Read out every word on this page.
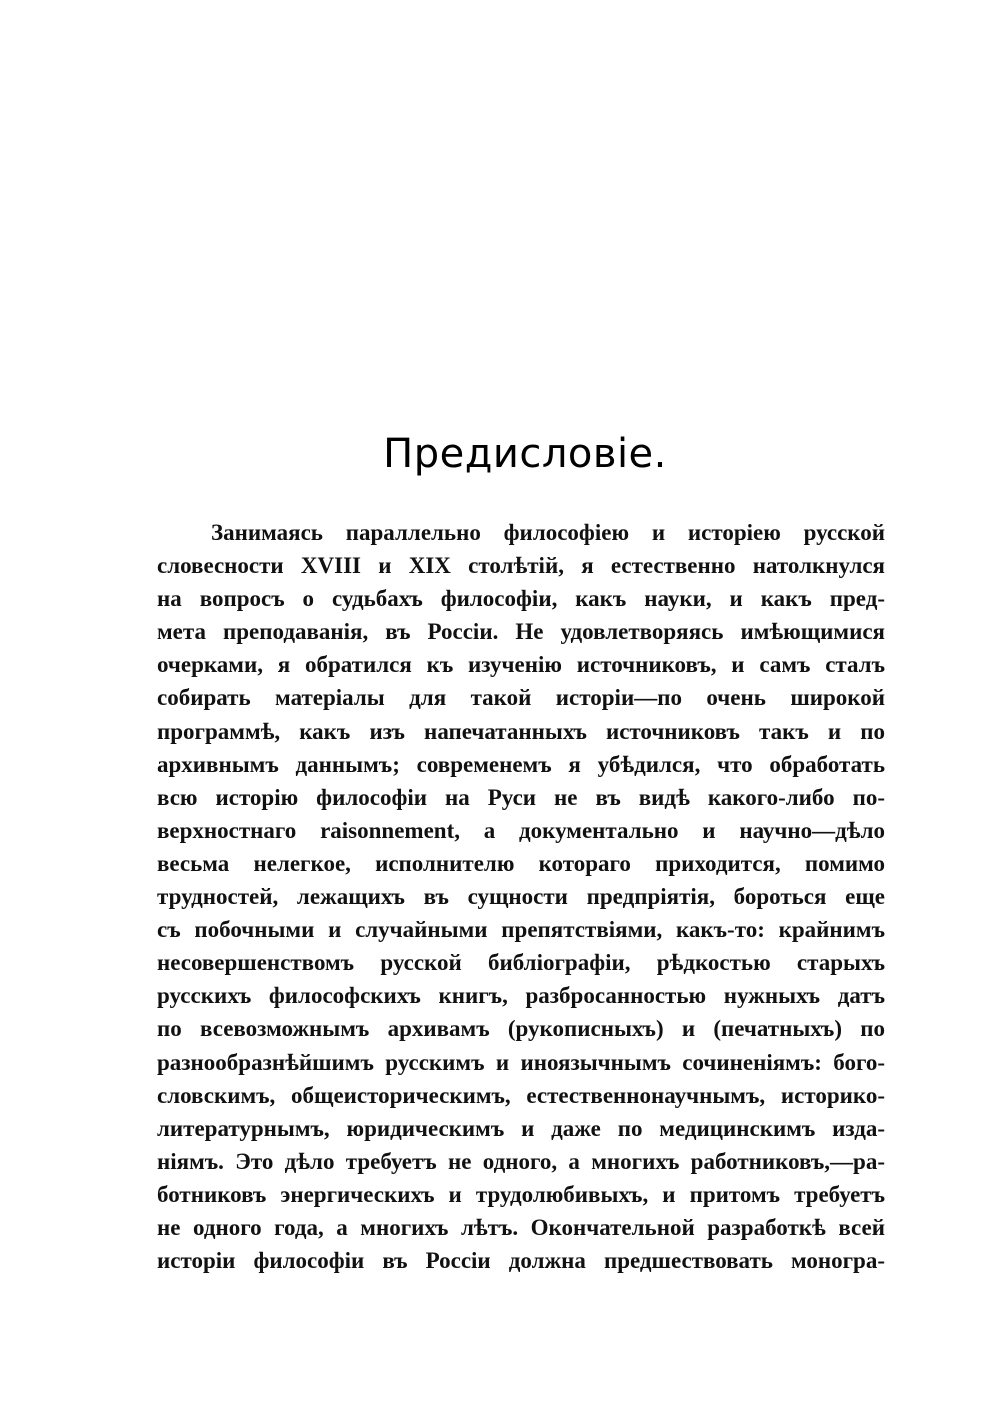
Предисловіе.
Занимаясь параллельно философіею и исторіею русской
словесности XVIII и XIX столѣтій, я естественно натолкнулся
на вопросъ о судьбахъ философіи, какъ науки, и какъ пред-
мета преподаванія, въ Россіи. Не удовлетворяясь имѣющимися
очерками, я обратился къ изученію источниковъ, и самъ сталъ
собирать матеріалы для такой исторіи—по очень широкой
программѣ, какъ изъ напечатанныхъ источниковъ такъ и по
архивнымъ даннымъ; современемъ я убѣдился, что обработать
всю исторію философіи на Руси не въ видѣ какого-либо по-
верхностнаго raisonnement, а документально и научно—дѣло
весьма нелегкое, исполнителю котораго приходится, помимо
трудностей, лежащихъ въ сущности предпріятія, бороться еще
съ побочными и случайными препятствіями, какъ-то: крайнимъ
несовершенствомъ русской библіографіи, рѣдкостью старыхъ
русскихъ философскихъ книгъ, разбросанностью нужныхъ датъ
по всевозможнымъ архивамъ (рукописныхъ) и (печатныхъ) по
разнообразнѣйшимъ русскимъ и иноязычнымъ сочиненіямъ: бого-
словскимъ, общеисторическимъ, естественнонаучнымъ, историко-
литературнымъ, юридическимъ и даже по медицинскимъ изда-
ніямъ. Это дѣло требуетъ не одного, а многихъ работниковъ,—ра-
ботниковъ энергическихъ и трудолюбивыхъ, и притомъ требуетъ
не одного года, а многихъ лѣтъ. Окончательной разработкѣ всей
исторіи философіи въ Россіи должна предшествовать моногра-
